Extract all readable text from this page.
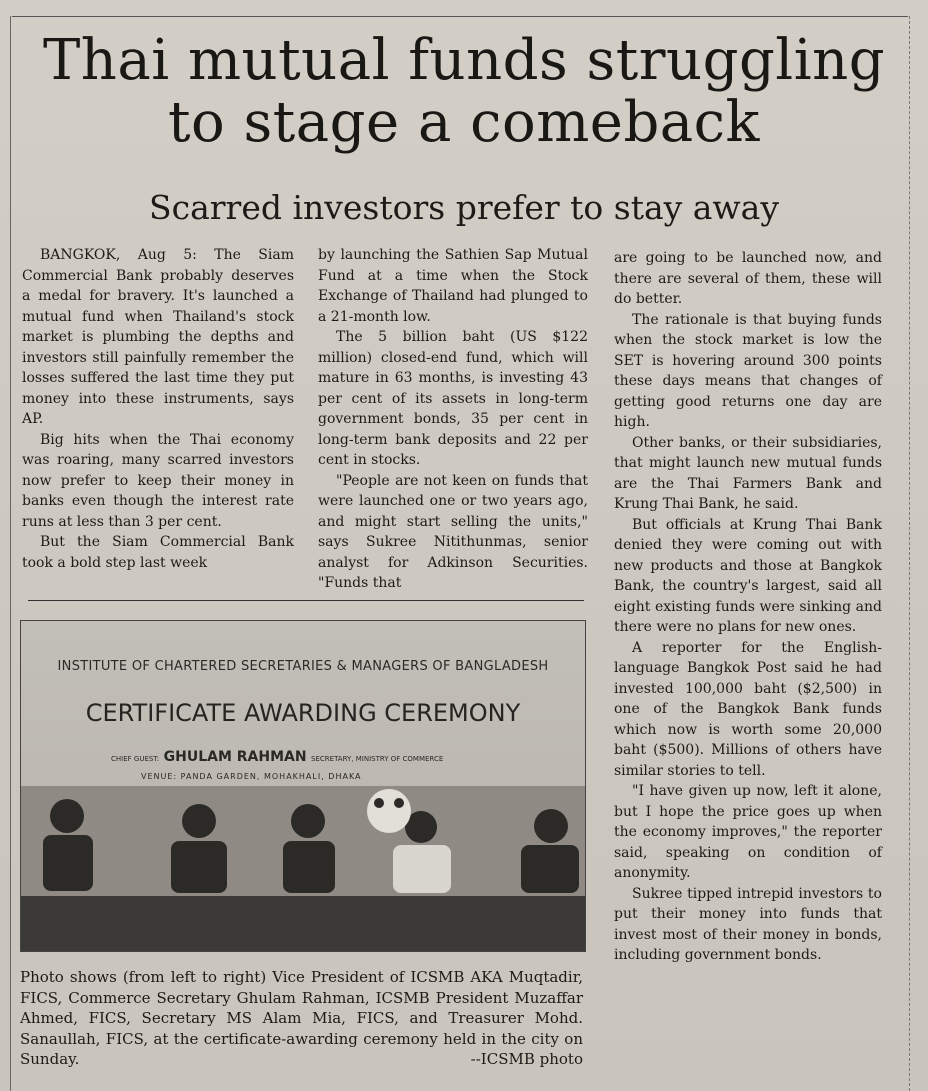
Thai mutual funds struggling
to stage a comeback
Scarred investors prefer to stay away

BANGKOK, Aug 5: The Siam Commercial Bank probably deserves a medal for bravery. It's launched a mutual fund when Thailand's stock market is plumbing the depths and investors still painfully remember the losses suffered the last time they put money into these instruments, says AP.

Big hits when the Thai economy was roaring, many scarred investors now prefer to keep their money in banks even though the interest rate runs at less than 3 per cent.

But the Siam Commercial Bank took a bold step last week

by launching the Sathien Sap Mutual Fund at a time when the Stock Exchange of Thailand had plunged to a 21-month low.

The 5 billion baht (US $122 million) closed-end fund, which will mature in 63 months, is investing 43 per cent of its assets in long-term government bonds, 35 per cent in long-term bank deposits and 22 per cent in stocks.

"People are not keen on funds that were launched one or two years ago, and might start selling the units," says Sukree Nitithunmas, senior analyst for Adkinson Securities. "Funds that

are going to be launched now, and there are several of them, these will do better.

The rationale is that buying funds when the stock market is low the SET is hovering around 300 points these days means that changes of getting good returns one day are high.

Other banks, or their subsidiaries, that might launch new mutual funds are the Thai Farmers Bank and Krung Thai Bank, he said.

But officials at Krung Thai Bank denied they were coming out with new products and those at Bangkok Bank, the country's largest, said all eight existing funds were sinking and there were no plans for new ones.

A reporter for the English-language Bangkok Post said he had invested 100,000 baht ($2,500) in one of the Bangkok Bank funds which now is worth some 20,000 baht ($500). Millions of others have similar stories to tell.

"I have given up now, left it alone, but I hope the price goes up when the economy improves," the reporter said, speaking on condition of anonymity.

Sukree tipped intrepid investors to put their money into funds that invest most of their money in bonds, including government bonds.

INSTITUTE OF CHARTERED SECRETARIES & MANAGERS OF BANGLADESH
CERTIFICATE AWARDING CEREMONY
CHIEF GUEST: GHULAM RAHMAN SECRETARY, MINISTRY OF COMMERCE
VENUE: PANDA GARDEN, MOHAKHALI, DHAKA
Photo shows (from left to right) Vice President of ICSMB AKA Muqtadir, FICS, Commerce Secretary Ghulam Rahman, ICSMB President Muzaffar Ahmed, FICS, Secretary MS Alam Mia, FICS, and Treasurer Mohd. Sanaullah, FICS, at the certificate-awarding ceremony held in the city on Sunday.	--ICSMB photo
